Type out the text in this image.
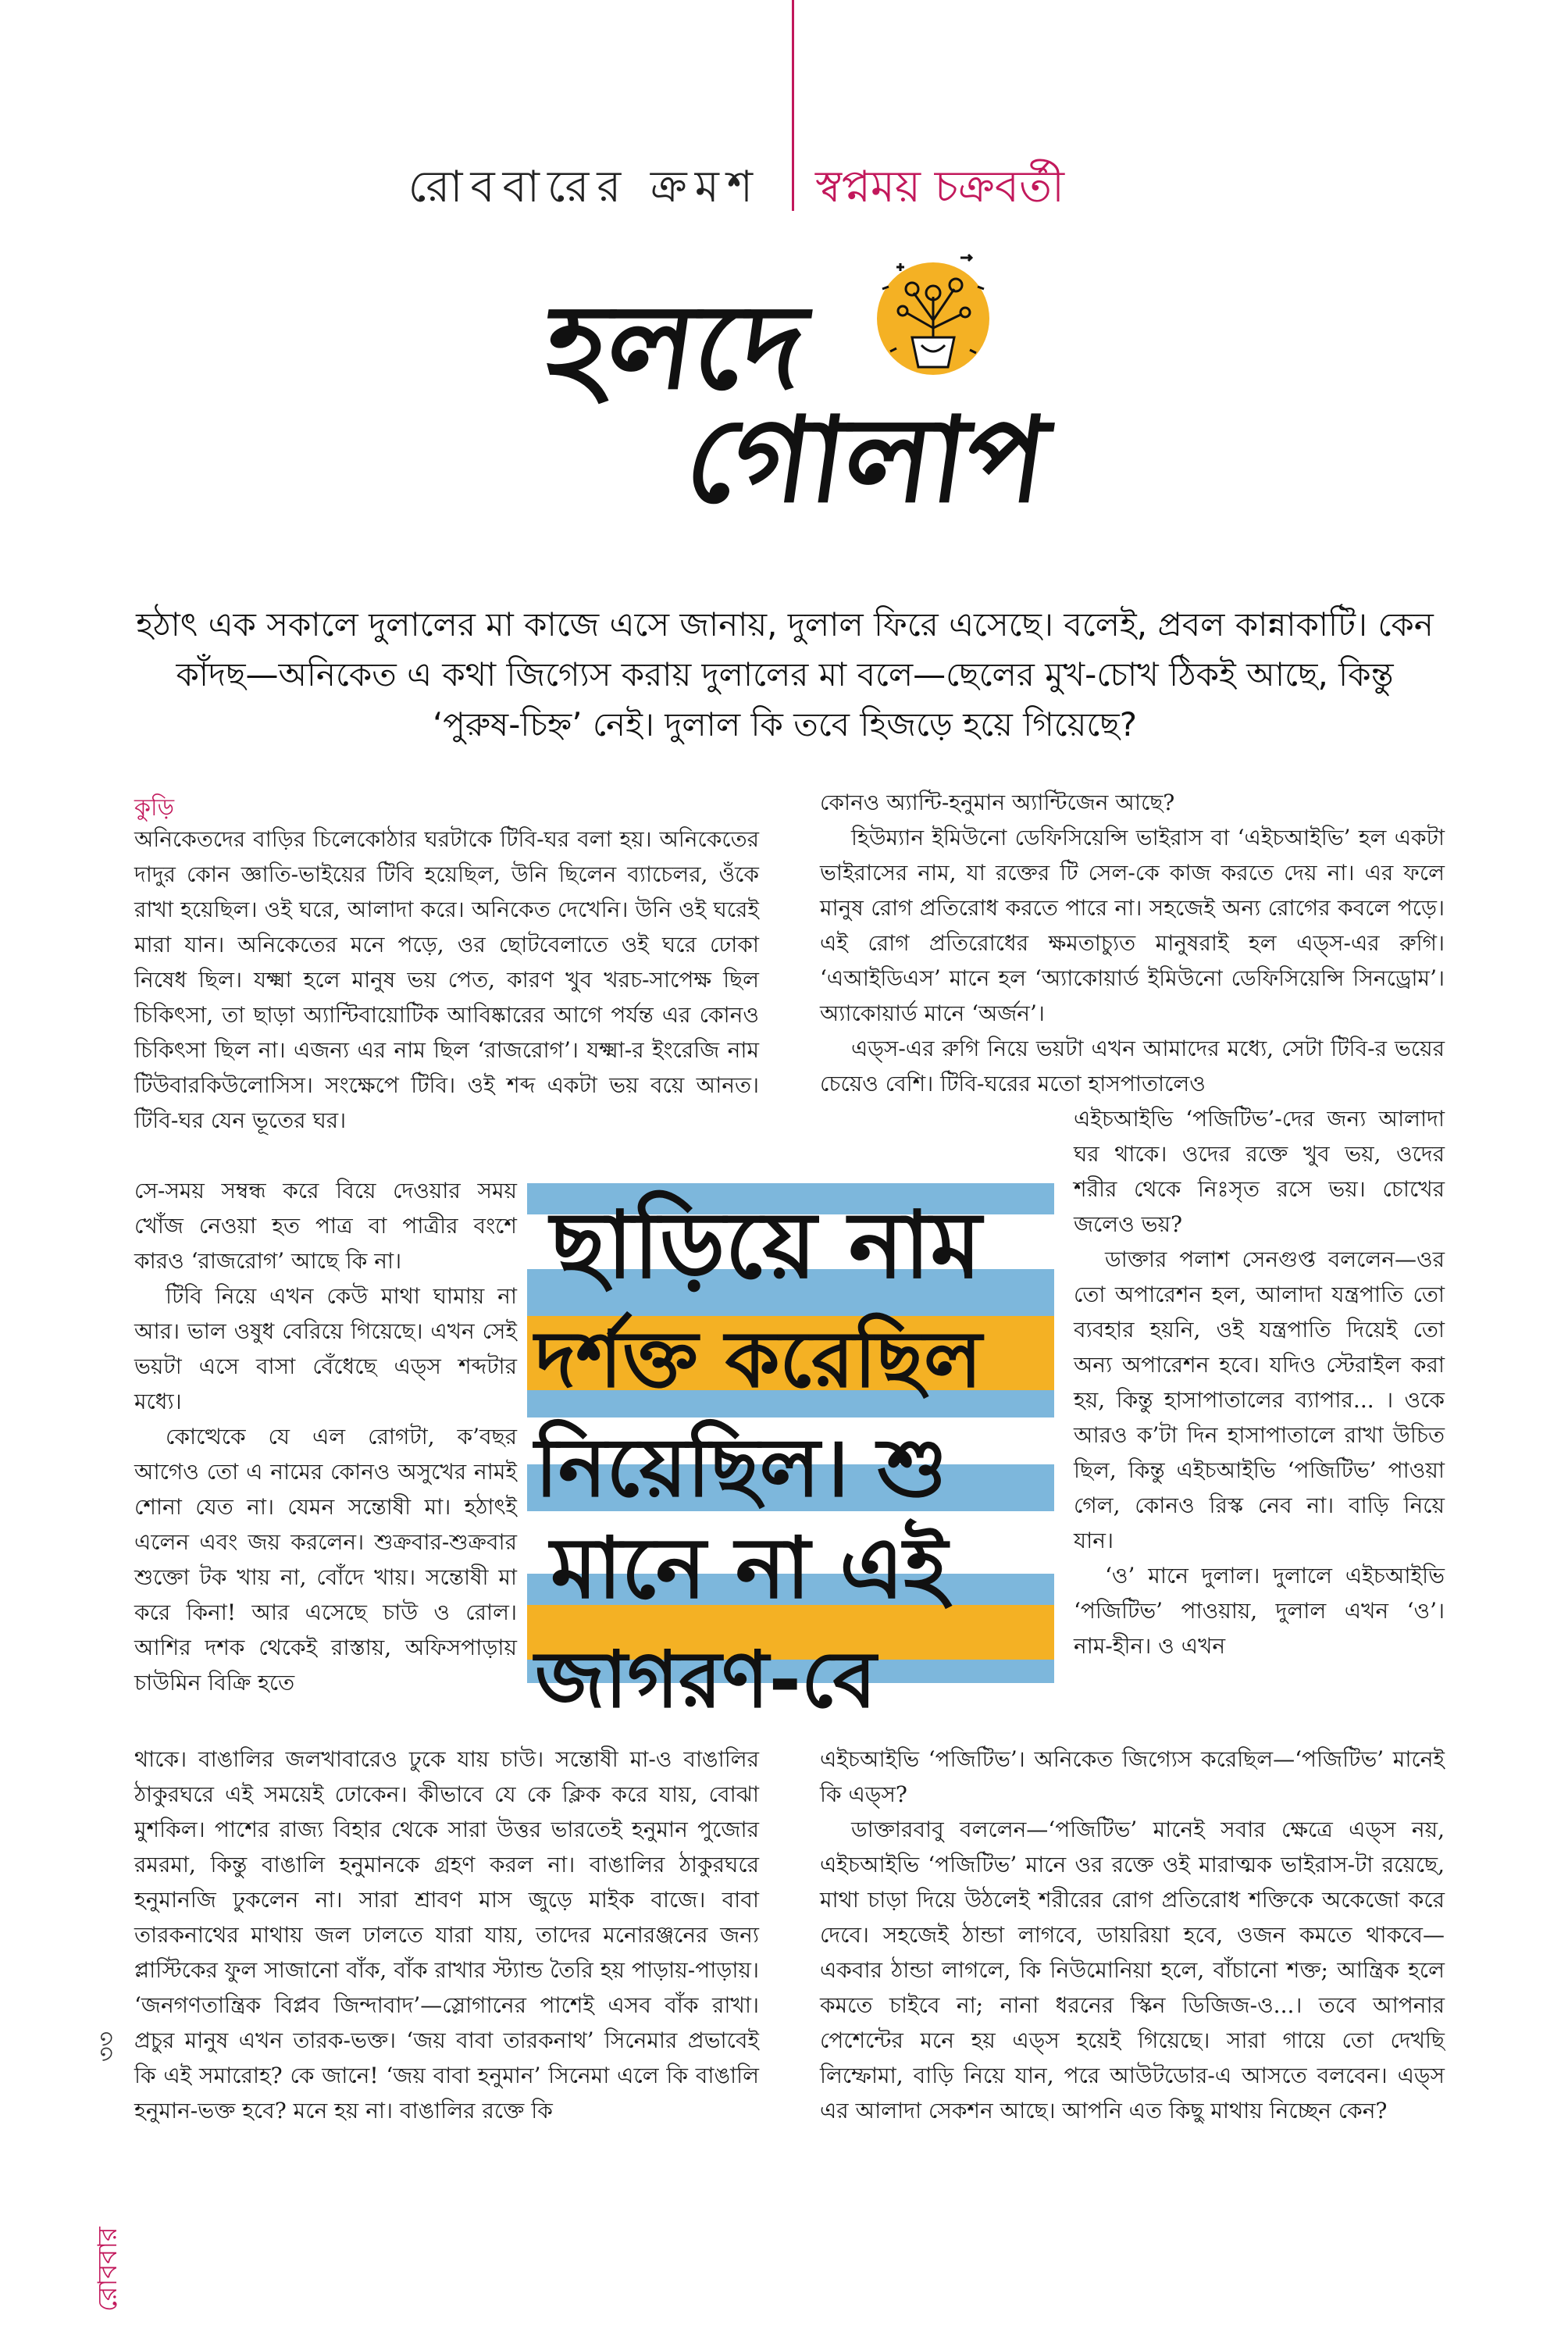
রোববারের ক্রমশ স্বপ্নময় চক্রবর্তী
হলদে
গোলাপ
হঠাৎ এক সকালে দুলালের মা কাজে এসে জানায়, দুলাল ফিরে এসেছে। বলেই, প্রবল কান্নাকাটি। কেন কাঁদছ—অনিকেত এ কথা জিগ্যেস করায় দুলালের মা বলে—ছেলের মুখ-চোখ ঠিকই আছে, কিন্তু ‘পুরুষ-চিহ্ন’ নেই। দুলাল কি তবে হিজড়ে হয়ে গিয়েছে?
কুড়ি

অনিকেতদের বাড়ির চিলেকোঠার ঘরটাকে টিবি-ঘর বলা হয়। অনিকেতের দাদুর কোন জ্ঞাতি-ভাইয়ের টিবি হয়েছিল, উনি ছিলেন ব্যাচেলর, ওঁকে রাখা হয়েছিল। ওই ঘরে, আলাদা করে। অনিকেত দেখেনি। উনি ওই ঘরেই মারা যান। অনিকেতের মনে পড়ে, ওর ছোটবেলাতে ওই ঘরে ঢোকা নিষেধ ছিল। যক্ষ্মা হলে মানুষ ভয় পেত, কারণ খুব খরচ-সাপেক্ষ ছিল চিকিৎসা, তা ছাড়া অ্যান্টিবায়োটিক আবিষ্কারের আগে পর্যন্ত এর কোনও চিকিৎসা ছিল না। এজন্য এর নাম ছিল ‘রাজরোগ’। যক্ষ্মা-র ইংরেজি নাম টিউবারকিউলোসিস। সংক্ষেপে টিবি। ওই শব্দ একটা ভয় বয়ে আনত। টিবি-ঘর যেন ভূতের ঘর।

সে-সময় সম্বন্ধ করে বিয়ে দেওয়ার সময় খোঁজ নেওয়া হত পাত্র বা পাত্রীর বংশে কারও ‘রাজরোগ’ আছে কি না।

টিবি নিয়ে এখন কেউ মাথা ঘামায় না আর। ভাল ওষুধ বেরিয়ে গিয়েছে। এখন সেই ভয়টা এসে বাসা বেঁধেছে এড্স শব্দটার মধ্যে।

কোত্থেকে যে এল রোগটা, ক’বছর আগেও তো এ নামের কোনও অসুখের নামই শোনা যেত না। যেমন সন্তোষী মা। হঠাৎই এলেন এবং জয় করলেন। শুক্রবার-শুক্রবার শুক্তো টক খায় না, বোঁদে খায়। সন্তোষী মা করে কিনা! আর এসেছে চাউ ও রোল। আশির দশক থেকেই রাস্তায়, অফিসপাড়ায় চাউমিন বিক্রি হতে

থাকে। বাঙালির জলখাবারেও ঢুকে যায় চাউ। সন্তোষী মা-ও বাঙালির ঠাকুরঘরে এই সময়েই ঢোকেন। কীভাবে যে কে ক্লিক করে যায়, বোঝা মুশকিল। পাশের রাজ্য বিহার থেকে সারা উত্তর ভারতেই হনুমান পুজোর রমরমা, কিন্তু বাঙালি হনুমানকে গ্রহণ করল না। বাঙালির ঠাকুরঘরে হনুমানজি ঢুকলেন না। সারা শ্রাবণ মাস জুড়ে মাইক বাজে। বাবা তারকনাথের মাথায় জল ঢালতে যারা যায়, তাদের মনোরঞ্জনের জন্য প্লাস্টিকের ফুল সাজানো বাঁক, বাঁক রাখার স্ট্যান্ড তৈরি হয় পাড়ায়-পাড়ায়। ‘জনগণতান্ত্রিক বিপ্লব জিন্দাবাদ’—স্লোগানের পাশেই এসব বাঁক রাখা। প্রচুর মানুষ এখন তারক-ভক্ত। ‘জয় বাবা তারকনাথ’ সিনেমার প্রভাবেই কি এই সমারোহ? কে জানে! ‘জয় বাবা হনুমান’ সিনেমা এলে কি বাঙালি হনুমান-ভক্ত হবে? মনে হয় না। বাঙালির রক্তে কি

কোনও অ্যান্টি-হনুমান অ্যান্টিজেন আছে?

হিউম্যান ইমিউনো ডেফিসিয়েন্সি ভাইরাস বা ‘এইচআইভি’ হল একটা ভাইরাসের নাম, যা রক্তের টি সেল-কে কাজ করতে দেয় না। এর ফলে মানুষ রোগ প্রতিরোধ করতে পারে না। সহজেই অন্য রোগের কবলে পড়ে। এই রোগ প্রতিরোধের ক্ষমতাচ্যুত মানুষরাই হল এড্স-এর রুগি। ‘এআইডিএস’ মানে হল ‘অ্যাকোয়ার্ড ইমিউনো ডেফিসিয়েন্সি সিনড্রোম’। অ্যাকোয়ার্ড মানে ‘অর্জন’।

এড্স-এর রুগি নিয়ে ভয়টা এখন আমাদের মধ্যে, সেটা টিবি-র ভয়ের চেয়েও বেশি। টিবি-ঘরের মতো হাসপাতালেও

এইচআইভি ‘পজিটিভ’-দের জন্য আলাদা ঘর থাকে। ওদের রক্তে খুব ভয়, ওদের শরীর থেকে নিঃসৃত রসে ভয়। চোখের জলেও ভয়?

ডাক্তার পলাশ সেনগুপ্ত বললেন—ওর তো অপারেশন হল, আলাদা যন্ত্রপাতি তো ব্যবহার হয়নি, ওই যন্ত্রপাতি দিয়েই তো অন্য অপারেশন হবে। যদিও স্টেরাইল করা হয়, কিন্তু হাসাপাতালের ব্যাপার... । ওকে আরও ক’টা দিন হাসাপাতালে রাখা উচিত ছিল, কিন্তু এইচআইভি ‘পজিটিভ’ পাওয়া গেল, কোনও রিস্ক নেব না। বাড়ি নিয়ে যান।

‘ও’ মানে দুলাল। দুলালে এইচআইভি ‘পজিটিভ’ পাওয়ায়, দুলাল এখন ‘ও’। নাম-হীন। ও এখন

এইচআইভি ‘পজিটিভ’। অনিকেত জিগ্যেস করেছিল—‘পজিটিভ’ মানেই কি এড্স?

ডাক্তারবাবু বললেন—‘পজিটিভ’ মানেই সবার ক্ষেত্রে এড্স নয়, এইচআইভি ‘পজিটিভ’ মানে ওর রক্তে ওই মারাত্মক ভাইরাস-টা রয়েছে, মাথা চাড়া দিয়ে উঠলেই শরীরের রোগ প্রতিরোধ শক্তিকে অকেজো করে দেবে। সহজেই ঠান্ডা লাগবে, ডায়রিয়া হবে, ওজন কমতে থাকবে—একবার ঠান্ডা লাগলে, কি নিউমোনিয়া হলে, বাঁচানো শক্ত; আন্ত্রিক হলে কমতে চাইবে না; নানা ধরনের স্কিন ডিজিজ-ও...। তবে আপনার পেশেন্টের মনে হয় এড্স হয়েই গিয়েছে। সারা গায়ে তো দেখছি লিম্ফোমা, বাড়ি নিয়ে যান, পরে আউটডোর-এ আসতে বলবেন। এড্স এর আলাদা সেকশন আছে। আপনি এত কিছু মাথায় নিচ্ছেন কেন?

ছাড়িয়ে নাম
দর্শক্ত করেছিল
নিয়েছিল। শু
মানে না এই
জাগরণ-বে
৩৩
রোববার
